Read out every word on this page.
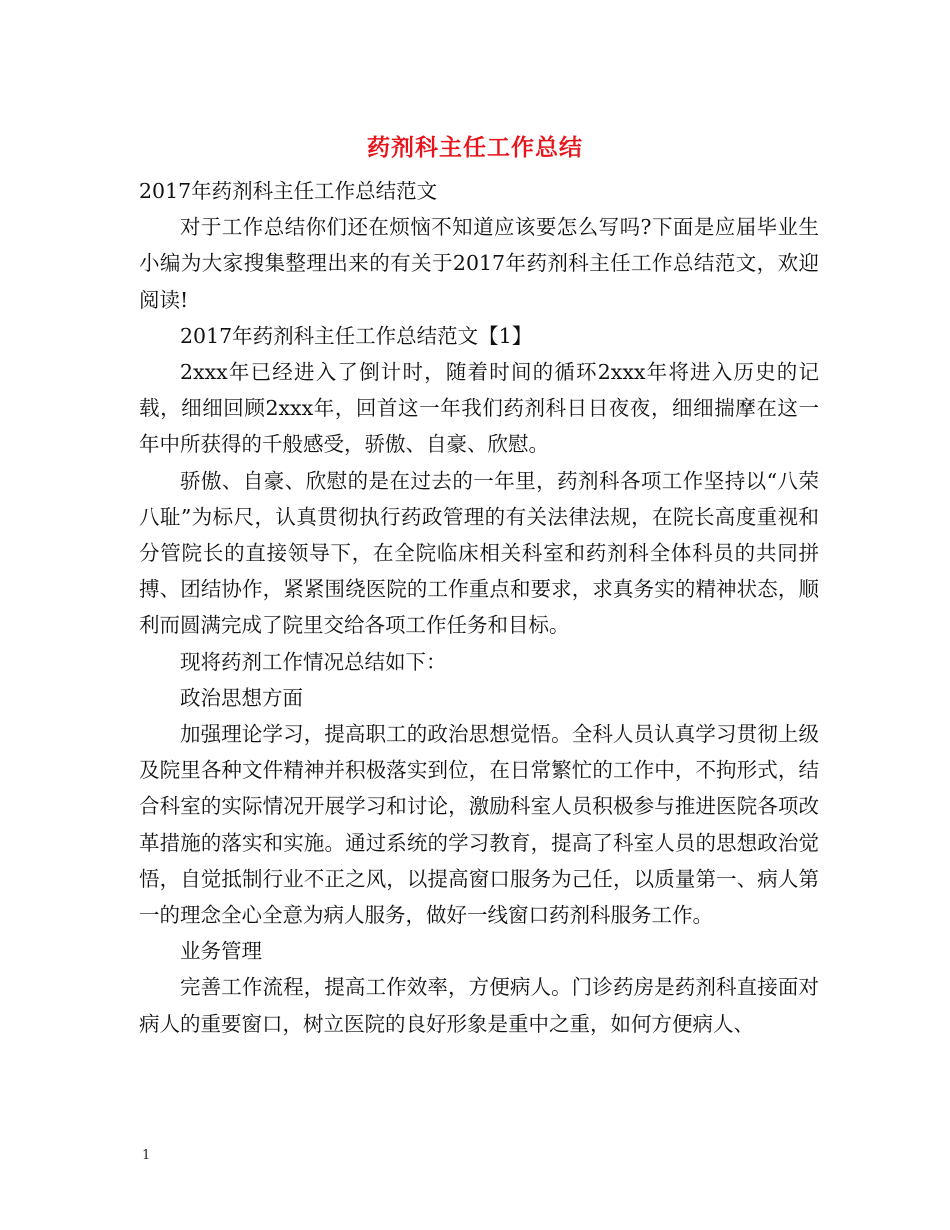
药剂科主任工作总结

2017年药剂科主任工作总结范文

对于工作总结你们还在烦恼不知道应该要怎么写吗?下面是应届毕业生小编为大家搜集整理出来的有关于2017年药剂科主任工作总结范文，欢迎阅读!

2017年药剂科主任工作总结范文【1】

2xxx年已经进入了倒计时，随着时间的循环2xxx年将进入历史的记载，细细回顾2xxx年，回首这一年我们药剂科日日夜夜，细细揣摩在这一年中所获得的千般感受，骄傲、自豪、欣慰。

骄傲、自豪、欣慰的是在过去的一年里，药剂科各项工作坚持以“八荣八耻”为标尺，认真贯彻执行药政管理的有关法律法规，在院长高度重视和分管院长的直接领导下，在全院临床相关科室和药剂科全体科员的共同拼搏、团结协作，紧紧围绕医院的工作重点和要求，求真务实的精神状态，顺利而圆满完成了院里交给各项工作任务和目标。

现将药剂工作情况总结如下：

政治思想方面

加强理论学习，提高职工的政治思想觉悟。全科人员认真学习贯彻上级及院里各种文件精神并积极落实到位，在日常繁忙的工作中，不拘形式，结合科室的实际情况开展学习和讨论，激励科室人员积极参与推进医院各项改革措施的落实和实施。通过系统的学习教育，提高了科室人员的思想政治觉悟，自觉抵制行业不正之风，以提高窗口服务为己任，以质量第一、病人第一的理念全心全意为病人服务，做好一线窗口药剂科服务工作。

业务管理

完善工作流程，提高工作效率，方便病人。门诊药房是药剂科直接面对病人的重要窗口，树立医院的良好形象是重中之重，如何方便病人、

1
